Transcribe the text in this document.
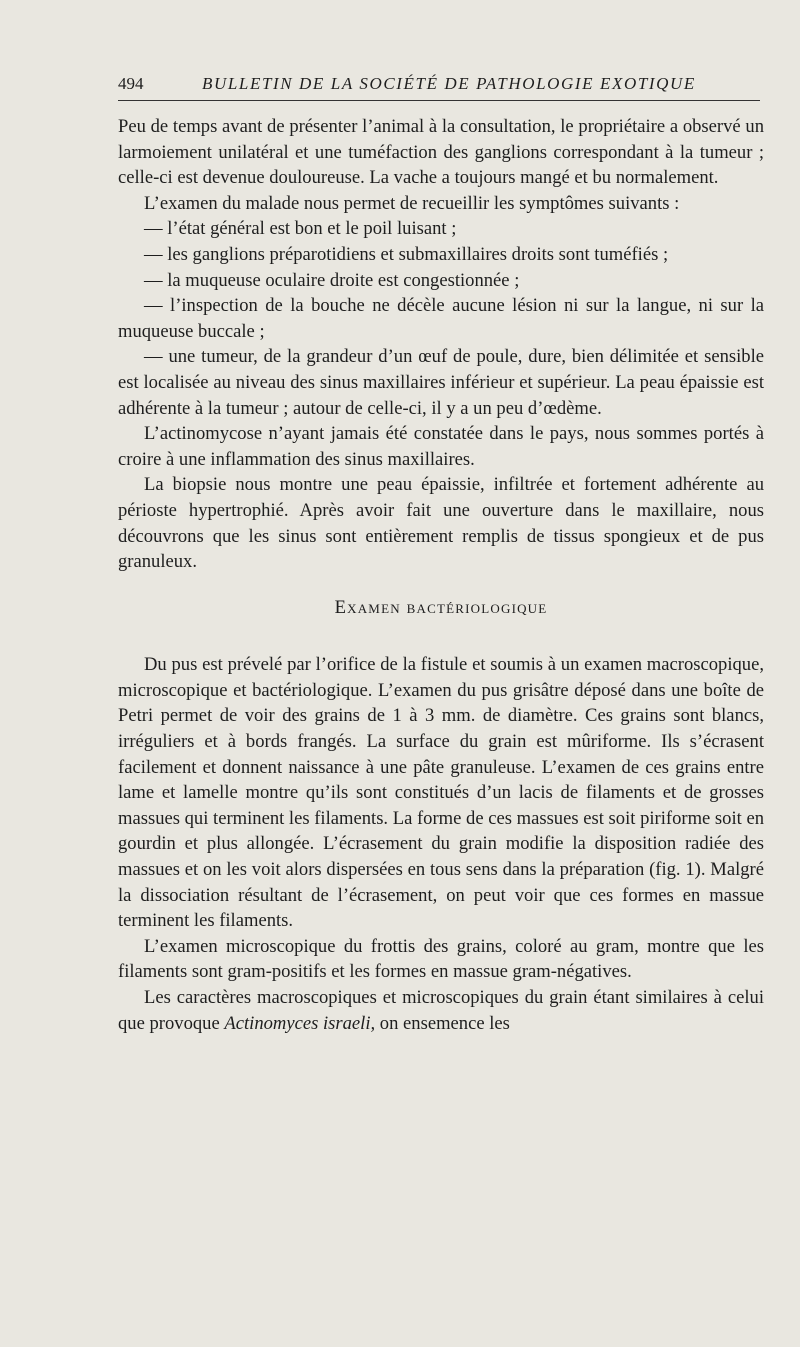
494	BULLETIN DE LA SOCIÉTÉ DE PATHOLOGIE EXOTIQUE

Peu de temps avant de présenter l’animal à la consultation, le propriétaire a observé un larmoiement unilatéral et une tuméfaction des ganglions correspondant à la tumeur ; celle-ci est devenue douloureuse. La vache a toujours mangé et bu normalement.

L’examen du malade nous permet de recueillir les symptômes suivants :

— l’état général est bon et le poil luisant ;

— les ganglions préparotidiens et submaxillaires droits sont tuméfiés ;

— la muqueuse oculaire droite est congestionnée ;

— l’inspection de la bouche ne décèle aucune lésion ni sur la langue, ni sur la muqueuse buccale ;

— une tumeur, de la grandeur d’un œuf de poule, dure, bien délimitée et sensible est localisée au niveau des sinus maxillaires inférieur et supérieur. La peau épaissie est adhérente à la tumeur ; autour de celle-ci, il y a un peu d’œdème.

L’actinomycose n’ayant jamais été constatée dans le pays, nous sommes portés à croire à une inflammation des sinus maxillaires.

La biopsie nous montre une peau épaissie, infiltrée et fortement adhérente au périoste hypertrophié. Après avoir fait une ouverture dans le maxillaire, nous découvrons que les sinus sont entièrement remplis de tissus spongieux et de pus granuleux.

Examen bactériologique

Du pus est prévelé par l’orifice de la fistule et soumis à un examen macroscopique, microscopique et bactériologique. L’examen du pus grisâtre déposé dans une boîte de Petri permet de voir des grains de 1 à 3 mm. de diamètre. Ces grains sont blancs, irréguliers et à bords frangés. La surface du grain est mûriforme. Ils s’écrasent facilement et donnent naissance à une pâte granuleuse. L’examen de ces grains entre lame et lamelle montre qu’ils sont constitués d’un lacis de filaments et de grosses massues qui terminent les filaments. La forme de ces massues est soit piriforme soit en gourdin et plus allongée. L’écrasement du grain modifie la disposition radiée des massues et on les voit alors dispersées en tous sens dans la préparation (fig. 1). Malgré la dissociation résultant de l’écrasement, on peut voir que ces formes en massue terminent les filaments.

L’examen microscopique du frottis des grains, coloré au gram, montre que les filaments sont gram-positifs et les formes en massue gram-négatives.

Les caractères macroscopiques et microscopiques du grain étant similaires à celui que provoque Actinomyces israeli, on ensemence les
